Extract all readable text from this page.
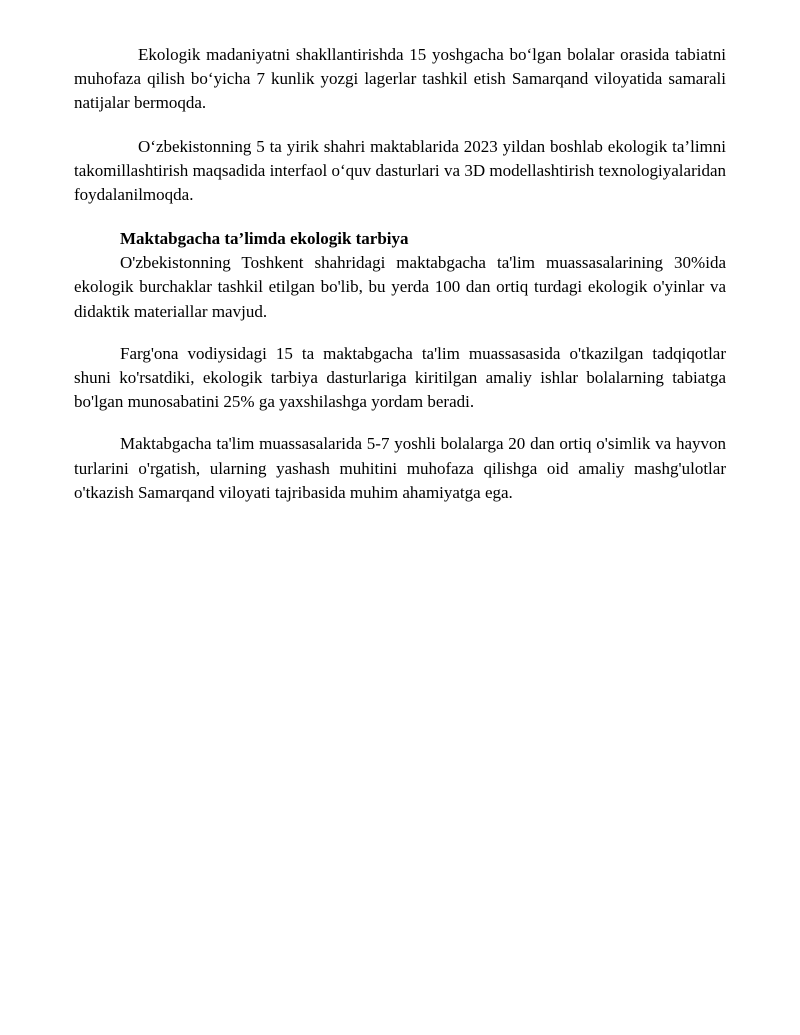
Ekologik madaniyatni shakllantirishda 15 yoshgacha bo‘lgan bolalar orasida tabiatni muhofaza qilish bo‘yicha 7 kunlik yozgi lagerlar tashkil etish Samarqand viloyatida samarali natijalar bermoqda.

O‘zbekistonning 5 ta yirik shahri maktablarida 2023 yildan boshlab ekologik ta’limni takomillashtirish maqsadida interfaol o‘quv dasturlari va 3D modellashtirish texnologiyalaridan foydalanilmoqda.

Maktabgacha ta’limda ekologik tarbiya

O'zbekistonning Toshkent shahridagi maktabgacha ta'lim muassasalarining 30%ida ekologik burchaklar tashkil etilgan bo'lib, bu yerda 100 dan ortiq turdagi ekologik o'yinlar va didaktik materiallar mavjud.

Farg'ona vodiysidagi 15 ta maktabgacha ta'lim muassasasida o'tkazilgan tadqiqotlar shuni ko'rsatdiki, ekologik tarbiya dasturlariga kiritilgan amaliy ishlar bolalarning tabiatga bo'lgan munosabatini 25% ga yaxshilashga yordam beradi.

Maktabgacha ta'lim muassasalarida 5-7 yoshli bolalarga 20 dan ortiq o'simlik va hayvon turlarini o'rgatish, ularning yashash muhitini muhofaza qilishga oid amaliy mashg'ulotlar o'tkazish Samarqand viloyati tajribasida muhim ahamiyatga ega.
